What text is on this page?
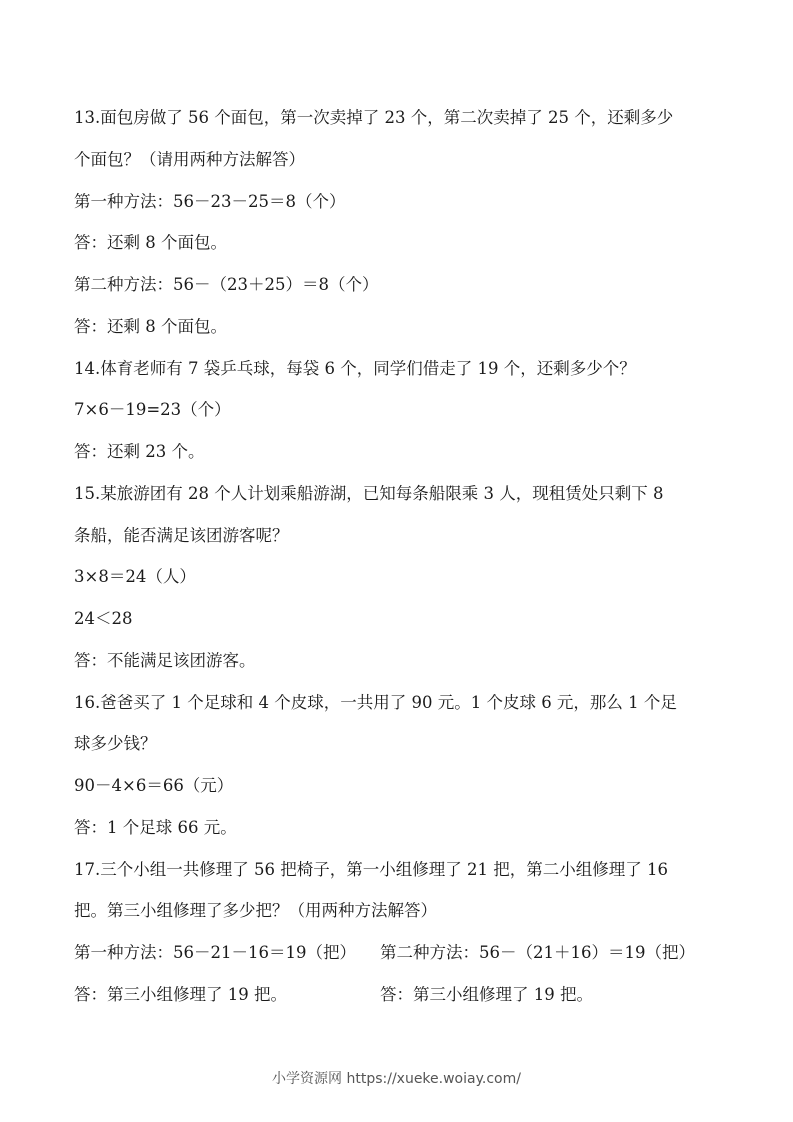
13.面包房做了 56 个面包，第一次卖掉了 23 个，第二次卖掉了 25 个，还剩多少
个面包？（请用两种方法解答）
第一种方法：56－23－25＝8（个）
答：还剩 8 个面包。
第二种方法：56－（23＋25）＝8（个）
答：还剩 8 个面包。
14.体育老师有 7 袋乒乓球，每袋 6 个，同学们借走了 19 个，还剩多少个？
7×6－19=23（个）
答：还剩 23 个。
15.某旅游团有 28 个人计划乘船游湖，已知每条船限乘 3 人，现租赁处只剩下 8
条船，能否满足该团游客呢？
3×8＝24（人）
24＜28
答：不能满足该团游客。
16.爸爸买了 1 个足球和 4 个皮球，一共用了 90 元。1 个皮球 6 元，那么 1 个足
球多少钱？
90－4×6＝66（元）
答：1 个足球 66 元。
17.三个小组一共修理了 56 把椅子，第一小组修理了 21 把，第二小组修理了 16
把。第三小组修理了多少把？（用两种方法解答）
第一种方法：56－21－16＝19（把） 第二种方法：56－（21＋16）＝19（把）
答：第三小组修理了 19 把。	答：第三小组修理了 19 把。
小学资源网 https://xueke.woiay.com/
